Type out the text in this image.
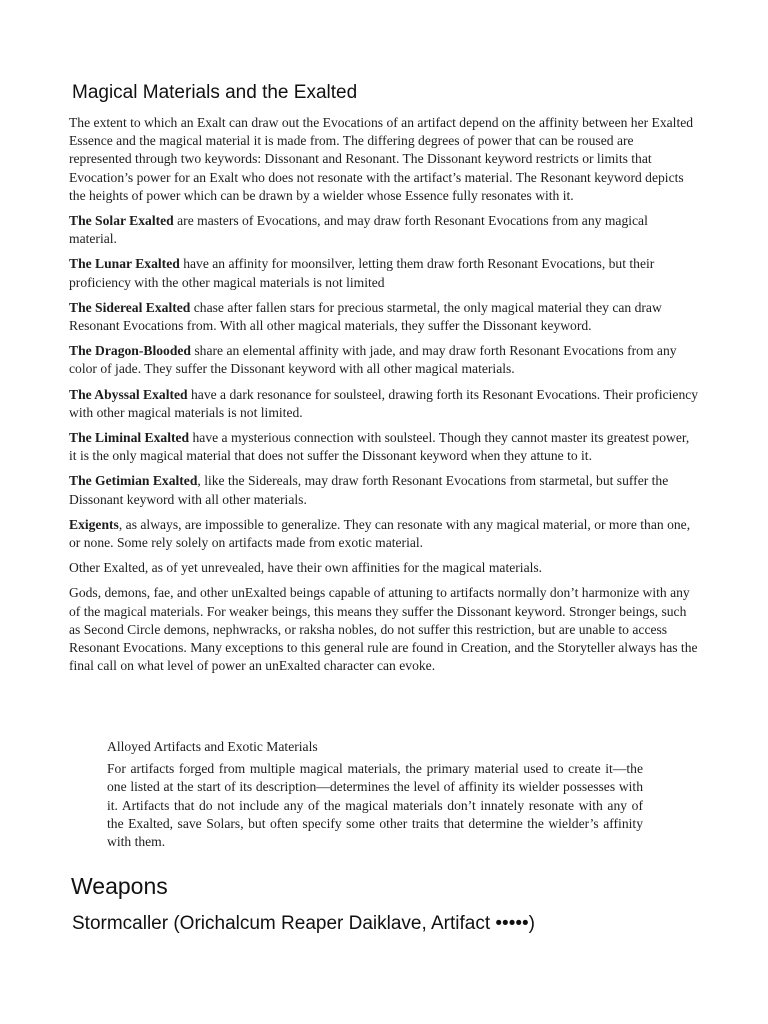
Magical Materials and the Exalted

The extent to which an Exalt can draw out the Evocations of an artifact depend on the affinity between her Exalted Essence and the magical material it is made from. The differing degrees of power that can be roused are represented through two keywords: Dissonant and Resonant. The Dissonant keyword restricts or limits that Evocation’s power for an Exalt who does not resonate with the artifact’s material. The Resonant keyword depicts the heights of power which can be drawn by a wielder whose Essence fully resonates with it.

The Solar Exalted are masters of Evocations, and may draw forth Resonant Evocations from any magical material.

The Lunar Exalted have an affinity for moonsilver, letting them draw forth Resonant Evocations, but their proficiency with the other magical materials is not limited

The Sidereal Exalted chase after fallen stars for precious starmetal, the only magical material they can draw Resonant Evocations from. With all other magical materials, they suffer the Dissonant keyword.

The Dragon-Blooded share an elemental affinity with jade, and may draw forth Resonant Evocations from any color of jade. They suffer the Dissonant keyword with all other magical materials.

The Abyssal Exalted have a dark resonance for soulsteel, drawing forth its Resonant Evocations. Their proficiency with other magical materials is not limited.

The Liminal Exalted have a mysterious connection with soulsteel. Though they cannot master its greatest power, it is the only magical material that does not suffer the Dissonant keyword when they attune to it.

The Getimian Exalted, like the Sidereals, may draw forth Resonant Evocations from starmetal, but suffer the Dissonant keyword with all other materials.

Exigents, as always, are impossible to generalize. They can resonate with any magical material, or more than one, or none. Some rely solely on artifacts made from exotic material.

Other Exalted, as of yet unrevealed, have their own affinities for the magical materials.

Gods, demons, fae, and other unExalted beings capable of attuning to artifacts normally don’t harmonize with any of the magical materials. For weaker beings, this means they suffer the Dissonant keyword. Stronger beings, such as Second Circle demons, nephwracks, or raksha nobles, do not suffer this restriction, but are unable to access Resonant Evocations. Many exceptions to this general rule are found in Creation, and the Storyteller always has the final call on what level of power an unExalted character can evoke.

Alloyed Artifacts and Exotic Materials

For artifacts forged from multiple magical materials, the primary material used to create it—the one listed at the start of its description—determines the level of affinity its wielder possesses with it. Artifacts that do not include any of the magical materials don’t innately resonate with any of the Exalted, save Solars, but often specify some other traits that determine the wielder’s affinity with them.

Weapons
Stormcaller (Orichalcum Reaper Daiklave, Artifact •••••)
